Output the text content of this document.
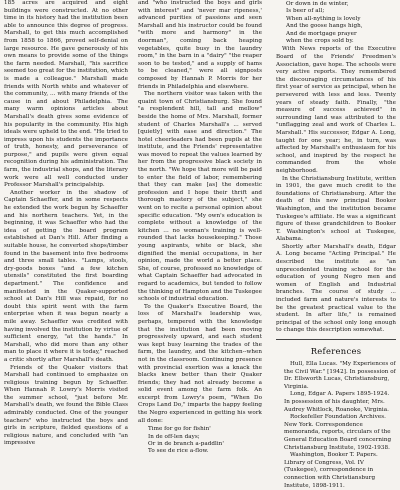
185 acres are acquired and eight buildings were constructed. At no other time in its history had the institution been able to announce this degree of progress. Marshall, to get this much accomplished from 1858 to 1866, proved self-denial on large resource. He gave generously of his own means to provide some of the things the farm needed. Marshall, "his sacrifice seemed too great for the institution, which is made a colleague." Marshall made friends with North white and whatever of the community, ... with many friends of the cause in and about Philadelphia. The many warm opinions articles about Marshall's death gives some evidence of his popularity in the community. His high ideals were upheld to the end. "He tried to impress upon his students the importance of truth, honesty, and perseverance of purpose," and pupils were given equal recognition during his administration. The farm, the industrial shops, and the literary work were all well conducted under Professor Marshall's principalship.

Another worker in the shadow of Captain Schaeffer, and in some respects he extended the work begun by Schaeffer and his northern teachers. Yet, in the beginning, it was Schaeffer who had the idea of getting the board program established at Dan's Hill. After finding a suitable house, he converted shops/timber found in the basement into five bedrooms and three small tables. "Lamps, stools, dry-goods boxes "and a few kitchen utensils" constituted the first boarding department." The confidence and manifested in the Quaker-supported school at Dan's Hill was repaid, for no doubt this spirit went with the farm enterprise when it was begun nearly a mile away. Schaeffer was credited with having involved the institution by virtue of sufficient energy, "at the hands." In Marshall, who did more than any other man to place it where it is today," reached a critic shortly after Marshall's death.

Friends of the Quaker visitors that Marshall had continued to emphasize on religious training begun by Schaeffer. When Hannah P. Lowry's Morris visited the summer school, "just before Mr. Marshall's death, we found the Bible Class admirably conducted. One of the younger teachers" who instructed the boys and girls in scripture, fielded questions of a religious nature, and concluded with "an impressive

and "who instructed the boys and girls with interest" and 'never mar ripeness,' advanced purities of passions and seen Marshall and his instructor could be found "with more and harmony" in the doorman", coming back heaping vegetables, quite busy in the laundry room," in the barn in a "dairy" "the reaper soon to be tested," and a supply of hams to be cleaned," were all signposts composed by Hannah P. Morris for her friends in Philadelphia and elsewhere.

The northern visitor was taken with the quaint town of Christiansburg. She found "a resplendent hill, tall and mellow" beside the home of Mrs. Marshall, former student of Charles Marshall's ... served [quietly] with ease and direction." The hotel cheerleaders had been pupils at the institute, and the Friends' representative was moved to repeat the values learned by her from the progressive black society in the north. "We hope that more will be paid to enter the field of labor, remembering that they can make [as] the domestic profession and I hope their thrift and thorough mastery of the subject," she went on to recite a personal opinion about specific education. "My own's education is complete without a knowledge of the kitchen ... no woman's training is well-rounded that lacks housekeeping." Those young aspirants, white or black, she dignified the menial occupations, in her opinion, made the world a better place. She, of course, professed no knowledge of what Captain Schaeffer had advocated in regard to academics, but tended to follow the thinking of Hampton and the Tuskegee schools of industrial education.

To the Quaker's Executive Board, the loss of Marshall's leadership was, perhaps, tempered with the knowledge that the institution had been moving progressively upward, and each student was kept busy learning the trades of the farm, the laundry, and the kitchen--when not in the classroom. Continuing presence with provincial exertion was a knack the blacks knew better than their Quaker friends; they had not already become a solid event among the farm folk. An excerpt from Lowry's poem, "When Do Crops Land Do," imparts the happy feeling the Negro experienced in getting his work all done:

Time for go for fishin'
In de off-len days;
Or in de branch a-paddlin'
To see de rice a-flow.
Or down in de winter,
Is beer of all;
When all-nything is lovely
And the goose hangs high,
And de mortgage prayer
when the crops sold by.

With News reports of the Executive Board of the Friends' Freedmen's Association, gave hope. The schools were very active reports. They remembered the discouraging circumstances of his first year of service as principal, when he persevered with less and less. Twenty years of steady faith. Finally, "the measure of success achieved" in surrounding land was attributed to the "unflagging zeal and work of Charles L. Marshall." His successor, Edgar A. Long, taught for one year; he, in turn, was affected by Marshall's enthusiasm for his school, and inspired by the respect he commanded from the whole neighborhood.

In the Christiansburg Institute, written in 1901, the gave much credit to the foundations of Christiansburg. After the death of this new principal Booker Washington, and the institution became Tuskegee's affiliate. He was a significant figure of these grandchildren to Booker T. Washington's school at Tuskegee, Alabama.

Shortly after Marshall's death, Edgar A. Long became "Acting Principal." He described the institute as "an unprecedented training school for the education of young Negro men and women of English and Industrial branches. The course of study ... included farm and nature's interests to be the greatest practical value to the student. In after life," is remained principal of the school only long enough to change this description somewhat.

References

Hull, Ella Lucas. "My Experiences of the Civil War." [1942]. In possession of Dr. Ellsworth Lucas, Christiansburg, Virginia.

Long, Edgar A. Papers 1895-1924. In possession of his daughter, Mrs. Audrey Whitlock, Roanoke, Virginia.

Rockefeller Foundation Archives. New York. Correspondence memoranda, reports, circulars of the General Education Board concerning Christiansburg Institute, 1902-1938.

Washington, Booker T. Papers. Library of Congress, Vol. IV (Tuskegee), correspondence in connection with Christiansburg Institute, 1898-1911.
